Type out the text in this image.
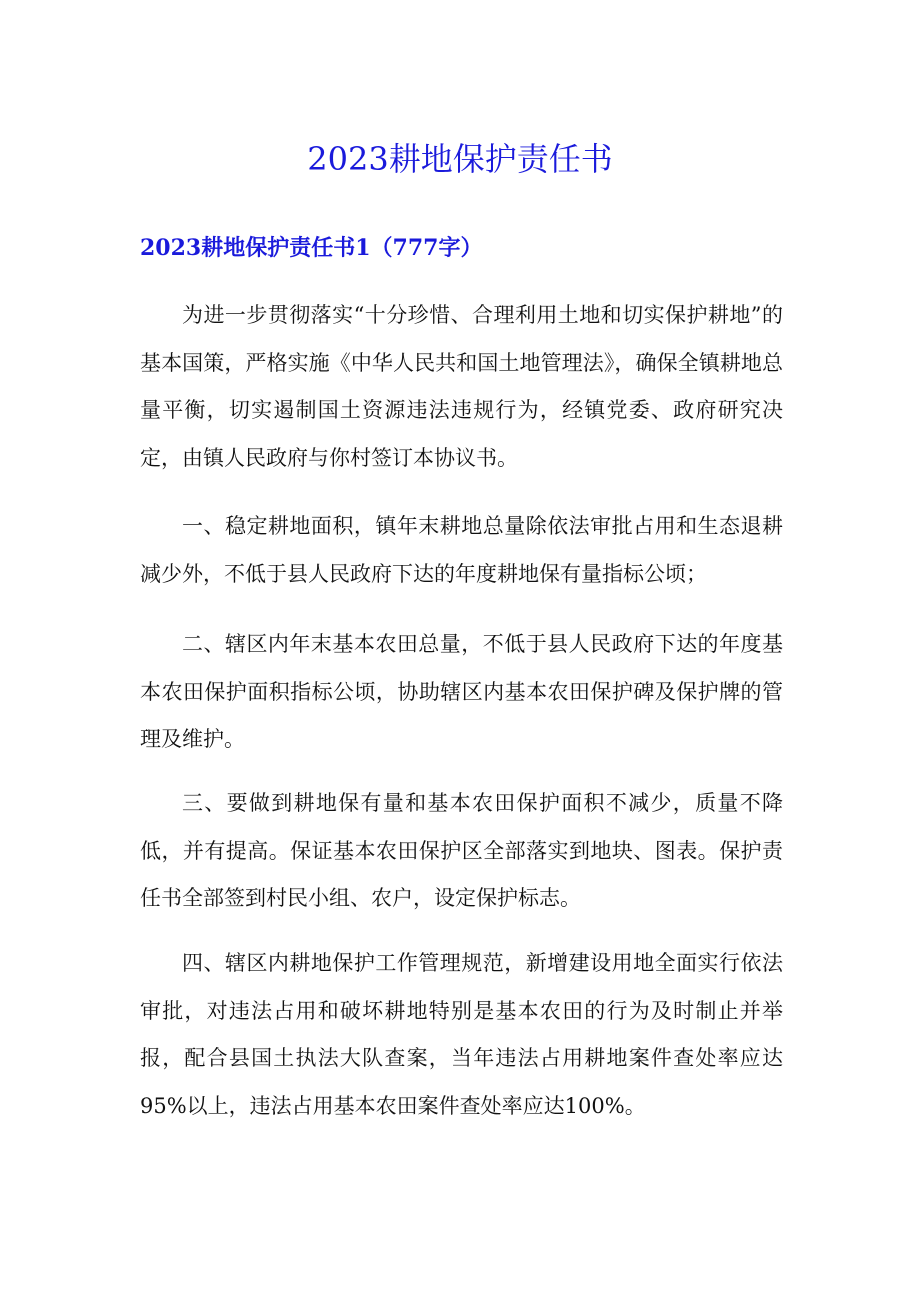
2023耕地保护责任书
2023耕地保护责任书1（777字）

为进一步贯彻落实“十分珍惜、合理利用土地和切实保护耕地”的基本国策，严格实施《中华人民共和国土地管理法》，确保全镇耕地总量平衡，切实遏制国土资源违法违规行为，经镇党委、政府研究决定，由镇人民政府与你村签订本协议书。

一、稳定耕地面积，镇年末耕地总量除依法审批占用和生态退耕减少外，不低于县人民政府下达的年度耕地保有量指标公顷；

二、辖区内年末基本农田总量，不低于县人民政府下达的年度基本农田保护面积指标公顷，协助辖区内基本农田保护碑及保护牌的管理及维护。

三、要做到耕地保有量和基本农田保护面积不减少，质量不降低，并有提高。保证基本农田保护区全部落实到地块、图表。保护责任书全部签到村民小组、农户，设定保护标志。

四、辖区内耕地保护工作管理规范，新增建设用地全面实行依法审批，对违法占用和破坏耕地特别是基本农田的行为及时制止并举报，配合县国土执法大队查案，当年违法占用耕地案件查处率应达95%以上，违法占用基本农田案件查处率应达100%。
